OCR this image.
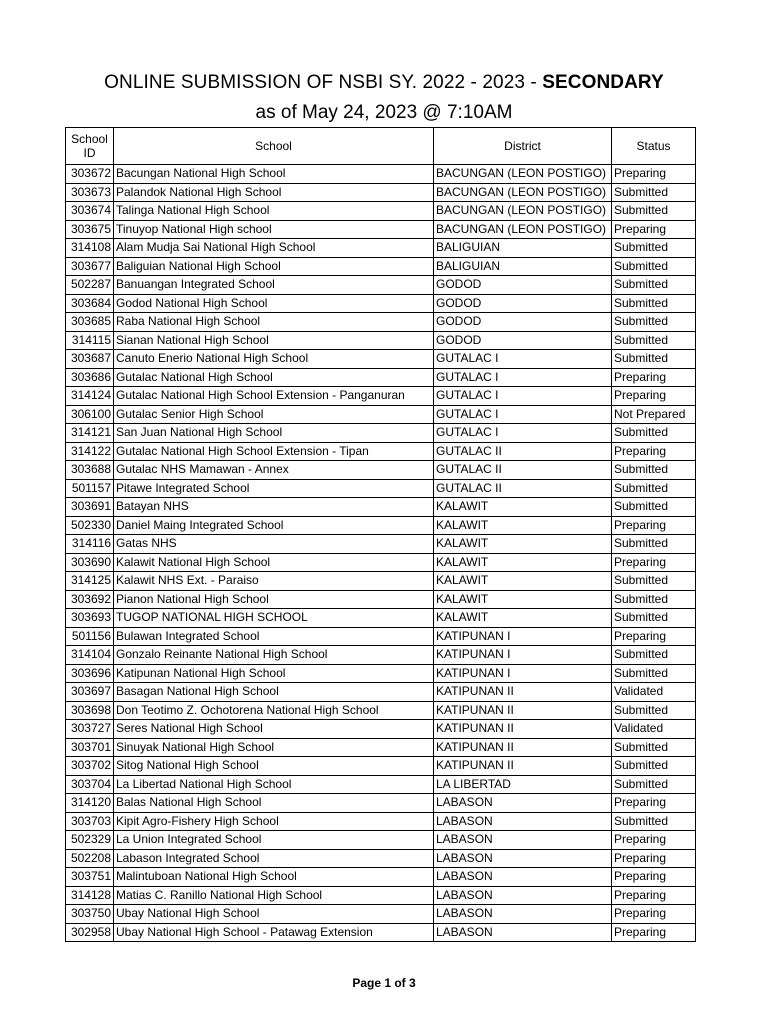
ONLINE SUBMISSION OF NSBI SY. 2022 - 2023 - SECONDARY
as of May 24, 2023 @ 7:10AM
School ID	School	District	Status
303672	Bacungan National High School	BACUNGAN (LEON POSTIGO)	Preparing
303673	Palandok National High School	BACUNGAN (LEON POSTIGO)	Submitted
303674	Talinga National High School	BACUNGAN (LEON POSTIGO)	Submitted
303675	Tinuyop National High school	BACUNGAN (LEON POSTIGO)	Preparing
314108	Alam Mudja Sai National High School	BALIGUIAN	Submitted
303677	Baliguian National High School	BALIGUIAN	Submitted
502287	Banuangan Integrated School	GODOD	Submitted
303684	Godod National High School	GODOD	Submitted
303685	Raba National High School	GODOD	Submitted
314115	Sianan National High School	GODOD	Submitted
303687	Canuto Enerio National High School	GUTALAC I	Submitted
303686	Gutalac National High School	GUTALAC I	Preparing
314124	Gutalac National High School Extension - Panganuran	GUTALAC I	Preparing
306100	Gutalac Senior High School	GUTALAC I	Not Prepared
314121	San Juan National High School	GUTALAC I	Submitted
314122	Gutalac National High School Extension - Tipan	GUTALAC II	Preparing
303688	Gutalac NHS Mamawan - Annex	GUTALAC II	Submitted
501157	Pitawe Integrated School	GUTALAC II	Submitted
303691	Batayan NHS	KALAWIT	Submitted
502330	Daniel Maing Integrated School	KALAWIT	Preparing
314116	Gatas NHS	KALAWIT	Submitted
303690	Kalawit National High School	KALAWIT	Preparing
314125	Kalawit NHS Ext. - Paraiso	KALAWIT	Submitted
303692	Pianon National High School	KALAWIT	Submitted
303693	TUGOP NATIONAL HIGH SCHOOL	KALAWIT	Submitted
501156	Bulawan Integrated School	KATIPUNAN I	Preparing
314104	Gonzalo Reinante National High School	KATIPUNAN I	Submitted
303696	Katipunan National High School	KATIPUNAN I	Submitted
303697	Basagan National High School	KATIPUNAN II	Validated
303698	Don Teotimo Z. Ochotorena National High School	KATIPUNAN II	Submitted
303727	Seres National High School	KATIPUNAN II	Validated
303701	Sinuyak National High School	KATIPUNAN II	Submitted
303702	Sitog National High School	KATIPUNAN II	Submitted
303704	La Libertad National High School	LA LIBERTAD	Submitted
314120	Balas National High School	LABASON	Preparing
303703	Kipit Agro-Fishery High School	LABASON	Submitted
502329	La Union Integrated School	LABASON	Preparing
502208	Labason Integrated School	LABASON	Preparing
303751	Malintuboan National High School	LABASON	Preparing
314128	Matias C. Ranillo National High School	LABASON	Preparing
303750	Ubay National High School	LABASON	Preparing
302958	Ubay National High School - Patawag Extension	LABASON	Preparing
Page 1 of 3
